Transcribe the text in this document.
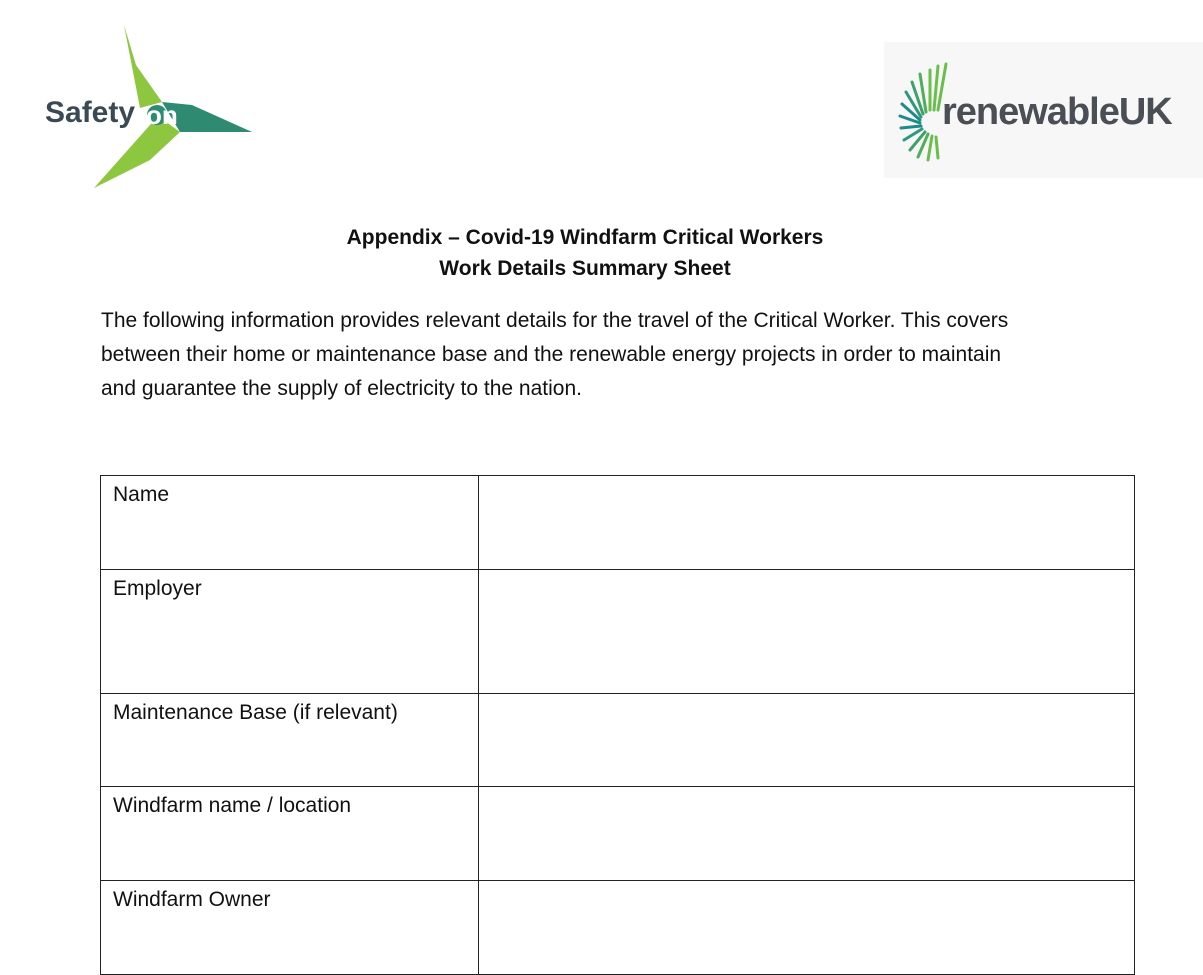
Safety on	renewableUK
Appendix – Covid-19 Windfarm Critical Workers
Work Details Summary Sheet
The following information provides relevant details for the travel of the Critical Worker. This covers
between their home or maintenance base and the renewable energy projects in order to maintain
and guarantee the supply of electricity to the nation.
Name	
Employer	
Maintenance Base (if relevant)	
Windfarm name / location	
Windfarm Owner	
